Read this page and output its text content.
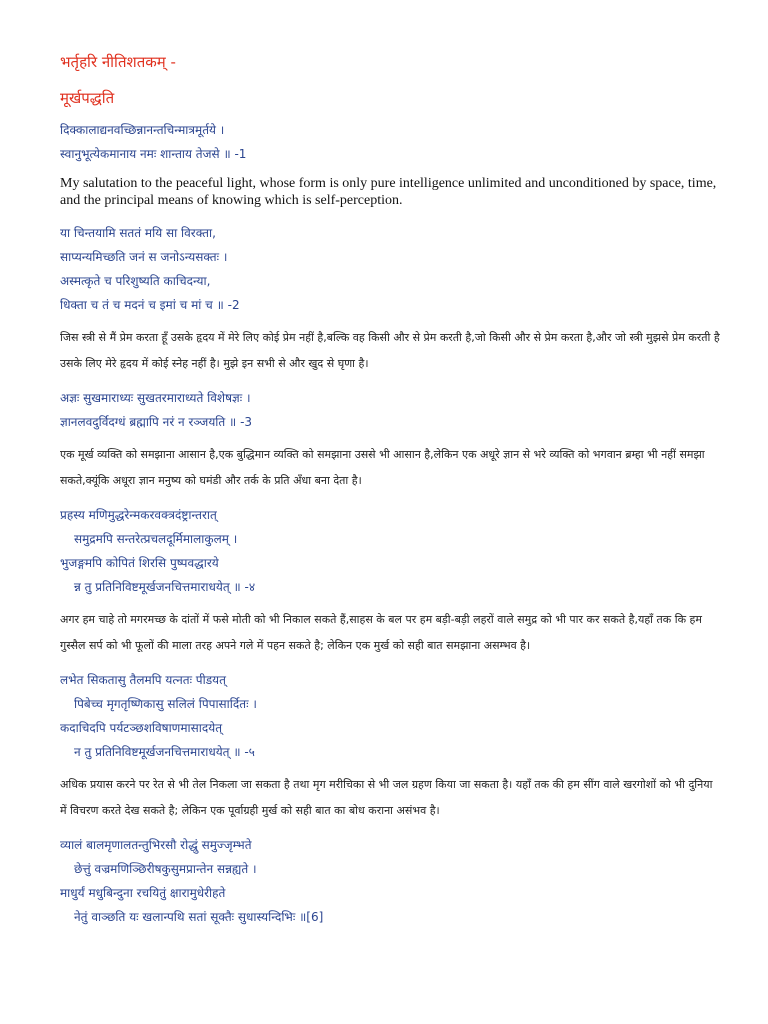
भर्तृहरि नीतिशतकम् -

मूर्खपद्धति

दिक्कालाद्यनवच्छिन्नानन्तचिन्मात्रमूर्तये ।
स्वानुभूत्येकमानाय नमः शान्ताय तेजसे ॥ -1

My salutation to the peaceful light, whose form is only pure intelligence unlimited and unconditioned by space, time, and the principal means of knowing which is self-perception.

या चिन्तयामि सततं मयि सा विरक्ता,
साप्यन्यमिच्छति जनं स जनोऽन्यसक्तः ।
अस्मत्कृते च परिशुष्यति काचिदन्या,
धिक्ता च तं च मदनं च इमां च मां च ॥ -2

जिस स्त्री से मैं प्रेम करता हूँ उसके हृदय में मेरे लिए कोई प्रेम नहीं है,बल्कि वह किसी और से प्रेम करती है,जो किसी और से प्रेम करता है,और जो स्त्री मुझसे प्रेम करती है उसके लिए मेरे हृदय में कोई स्नेह नहीं है। मुझे इन सभी से और खुद से घृणा है।

अज्ञः सुखमाराध्यः सुखतरमाराध्यते विशेषज्ञः ।
ज्ञानलवदुर्विदग्धं ब्रह्मापि नरं न रञ्जयति ॥ -3

एक मूर्ख व्यक्ति को समझाना आसान है,एक बुद्धिमान व्यक्ति को समझाना उससे भी आसान है,लेकिन एक अधूरे ज्ञान से भरे व्यक्ति को भगवान ब्रम्हा भी नहीं समझा सकते,क्यूंकि अधूरा ज्ञान मनुष्य को घमंडी और तर्क के प्रति अँधा बना देता है।

प्रहस्य मणिमुद्धरेन्मकरवक्त्रदंष्ट्रान्तरात्
समुद्रमपि सन्तरेत्प्रचलदूर्मिमालाकुलम् ।
भुजङ्गमपि कोपितं शिरसि पुष्पवद्धारये
न्न तु प्रतिनिविष्टमूर्खजनचित्तमाराधयेत् ॥ -४

अगर हम चाहे तो मगरमच्छ के दांतों में फसे मोती को भी निकाल सकते हैं,साहस के बल पर हम बड़ी-बड़ी लहरों वाले समुद्र को भी पार कर सकते है,यहाँ तक कि हम गुस्सैल सर्प को भी फूलों की माला तरह अपने गले में पहन सकते है; लेकिन एक मुर्ख को सही बात समझाना असम्भव है।

लभेत सिकतासु तैलमपि यत्नतः पीडयत्
पिबेच्च मृगतृष्णिकासु सलिलं पिपासार्दितः ।
कदाचिदपि पर्यटञ्छशविषाणमासादयेत्
न तु प्रतिनिविष्टमूर्खजनचित्तमाराधयेत् ॥ -५

अधिक प्रयास करने पर रेत से भी तेल निकला जा सकता है तथा मृग मरीचिका से भी जल ग्रहण किया जा सकता है। यहाँ तक की हम सींग वाले खरगोशों को भी दुनिया में विचरण करते देख सकते है; लेकिन एक पूर्वाग्रही मुर्ख को सही बात का बोध कराना असंभव है।

व्यालं बालमृणालतन्तुभिरसौ रोद्धुं समुज्जृम्भते
छेत्तुं वज्रमणिञ्छिरीषकुसुमप्रान्तेन सन्नह्यते ।
माधुर्यं मधुबिन्दुना रचयितुं क्षारामुधेरीहते
नेतुं वाञ्छति यः खलान्पथि सतां सूक्तैः सुधास्यन्दिभिः ॥[6]
